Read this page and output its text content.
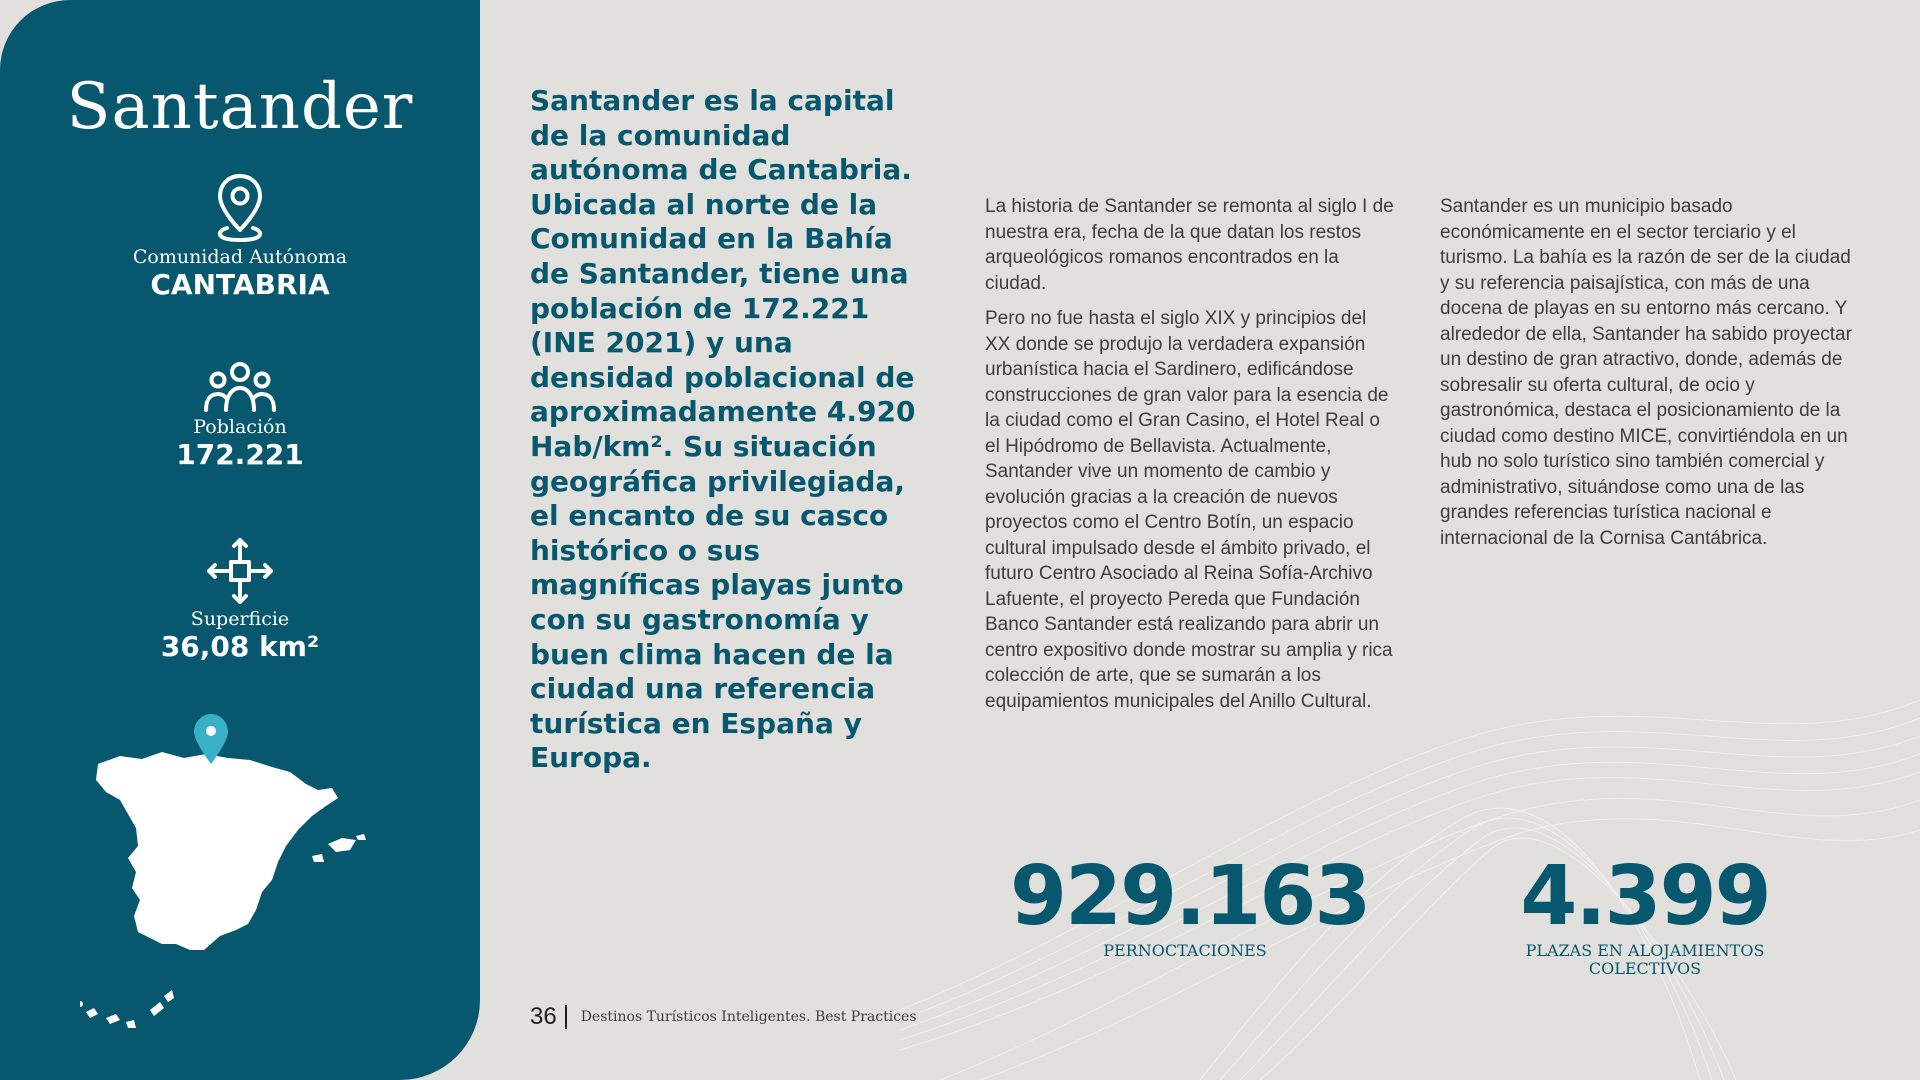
Santander
Comunidad Autónoma
CANTABRIA
Población
172.221
Superficie
36,08 km²

Santander es la capital de la comunidad autónoma de Cantabria. Ubicada al norte de la Comunidad en la Bahía de Santander, tiene una población de 172.221 (INE 2021) y una densidad poblacional de aproximadamente 4.920 Hab/km². Su situación geográfica privilegiada, el encanto de su casco histórico o sus magníficas playas junto con su gastronomía y buen clima hacen de la ciudad una referencia turística en España y Europa.

La historia de Santander se remonta al siglo I de nuestra era, fecha de la que datan los restos arqueológicos romanos encontrados en la ciudad.

Pero no fue hasta el siglo XIX y principios del XX donde se produjo la verdadera expansión urbanística hacia el Sardinero, edificándose construcciones de gran valor para la esencia de la ciudad como el Gran Casino, el Hotel Real o el Hipódromo de Bellavista. Actualmente, Santander vive un momento de cambio y evolución gracias a la creación de nuevos proyectos como el Centro Botín, un espacio cultural impulsado desde el ámbito privado, el futuro Centro Asociado al Reina Sofía-Archivo Lafuente, el proyecto Pereda que Fundación Banco Santander está realizando para abrir un centro expositivo donde mostrar su amplia y rica colección de arte, que se sumarán a los equipamientos municipales del Anillo Cultural.

Santander es un municipio basado económicamente en el sector terciario y el turismo. La bahía es la razón de ser de la ciudad y su referencia paisajística, con más de una docena de playas en su entorno más cercano. Y alrededor de ella, Santander ha sabido proyectar un destino de gran atractivo, donde, además de sobresalir su oferta cultural, de ocio y gastronómica, destaca el posicionamiento de la ciudad como destino MICE, convirtiéndola en un hub no solo turístico sino también comercial y administrativo, situándose como una de las grandes referencias turística nacional e internacional de la Cornisa Cantábrica.

929.163
PERNOCTACIONES
4.399
PLAZAS EN ALOJAMIENTOS
COLECTIVOS
36 Destinos Turísticos Inteligentes. Best Practices
